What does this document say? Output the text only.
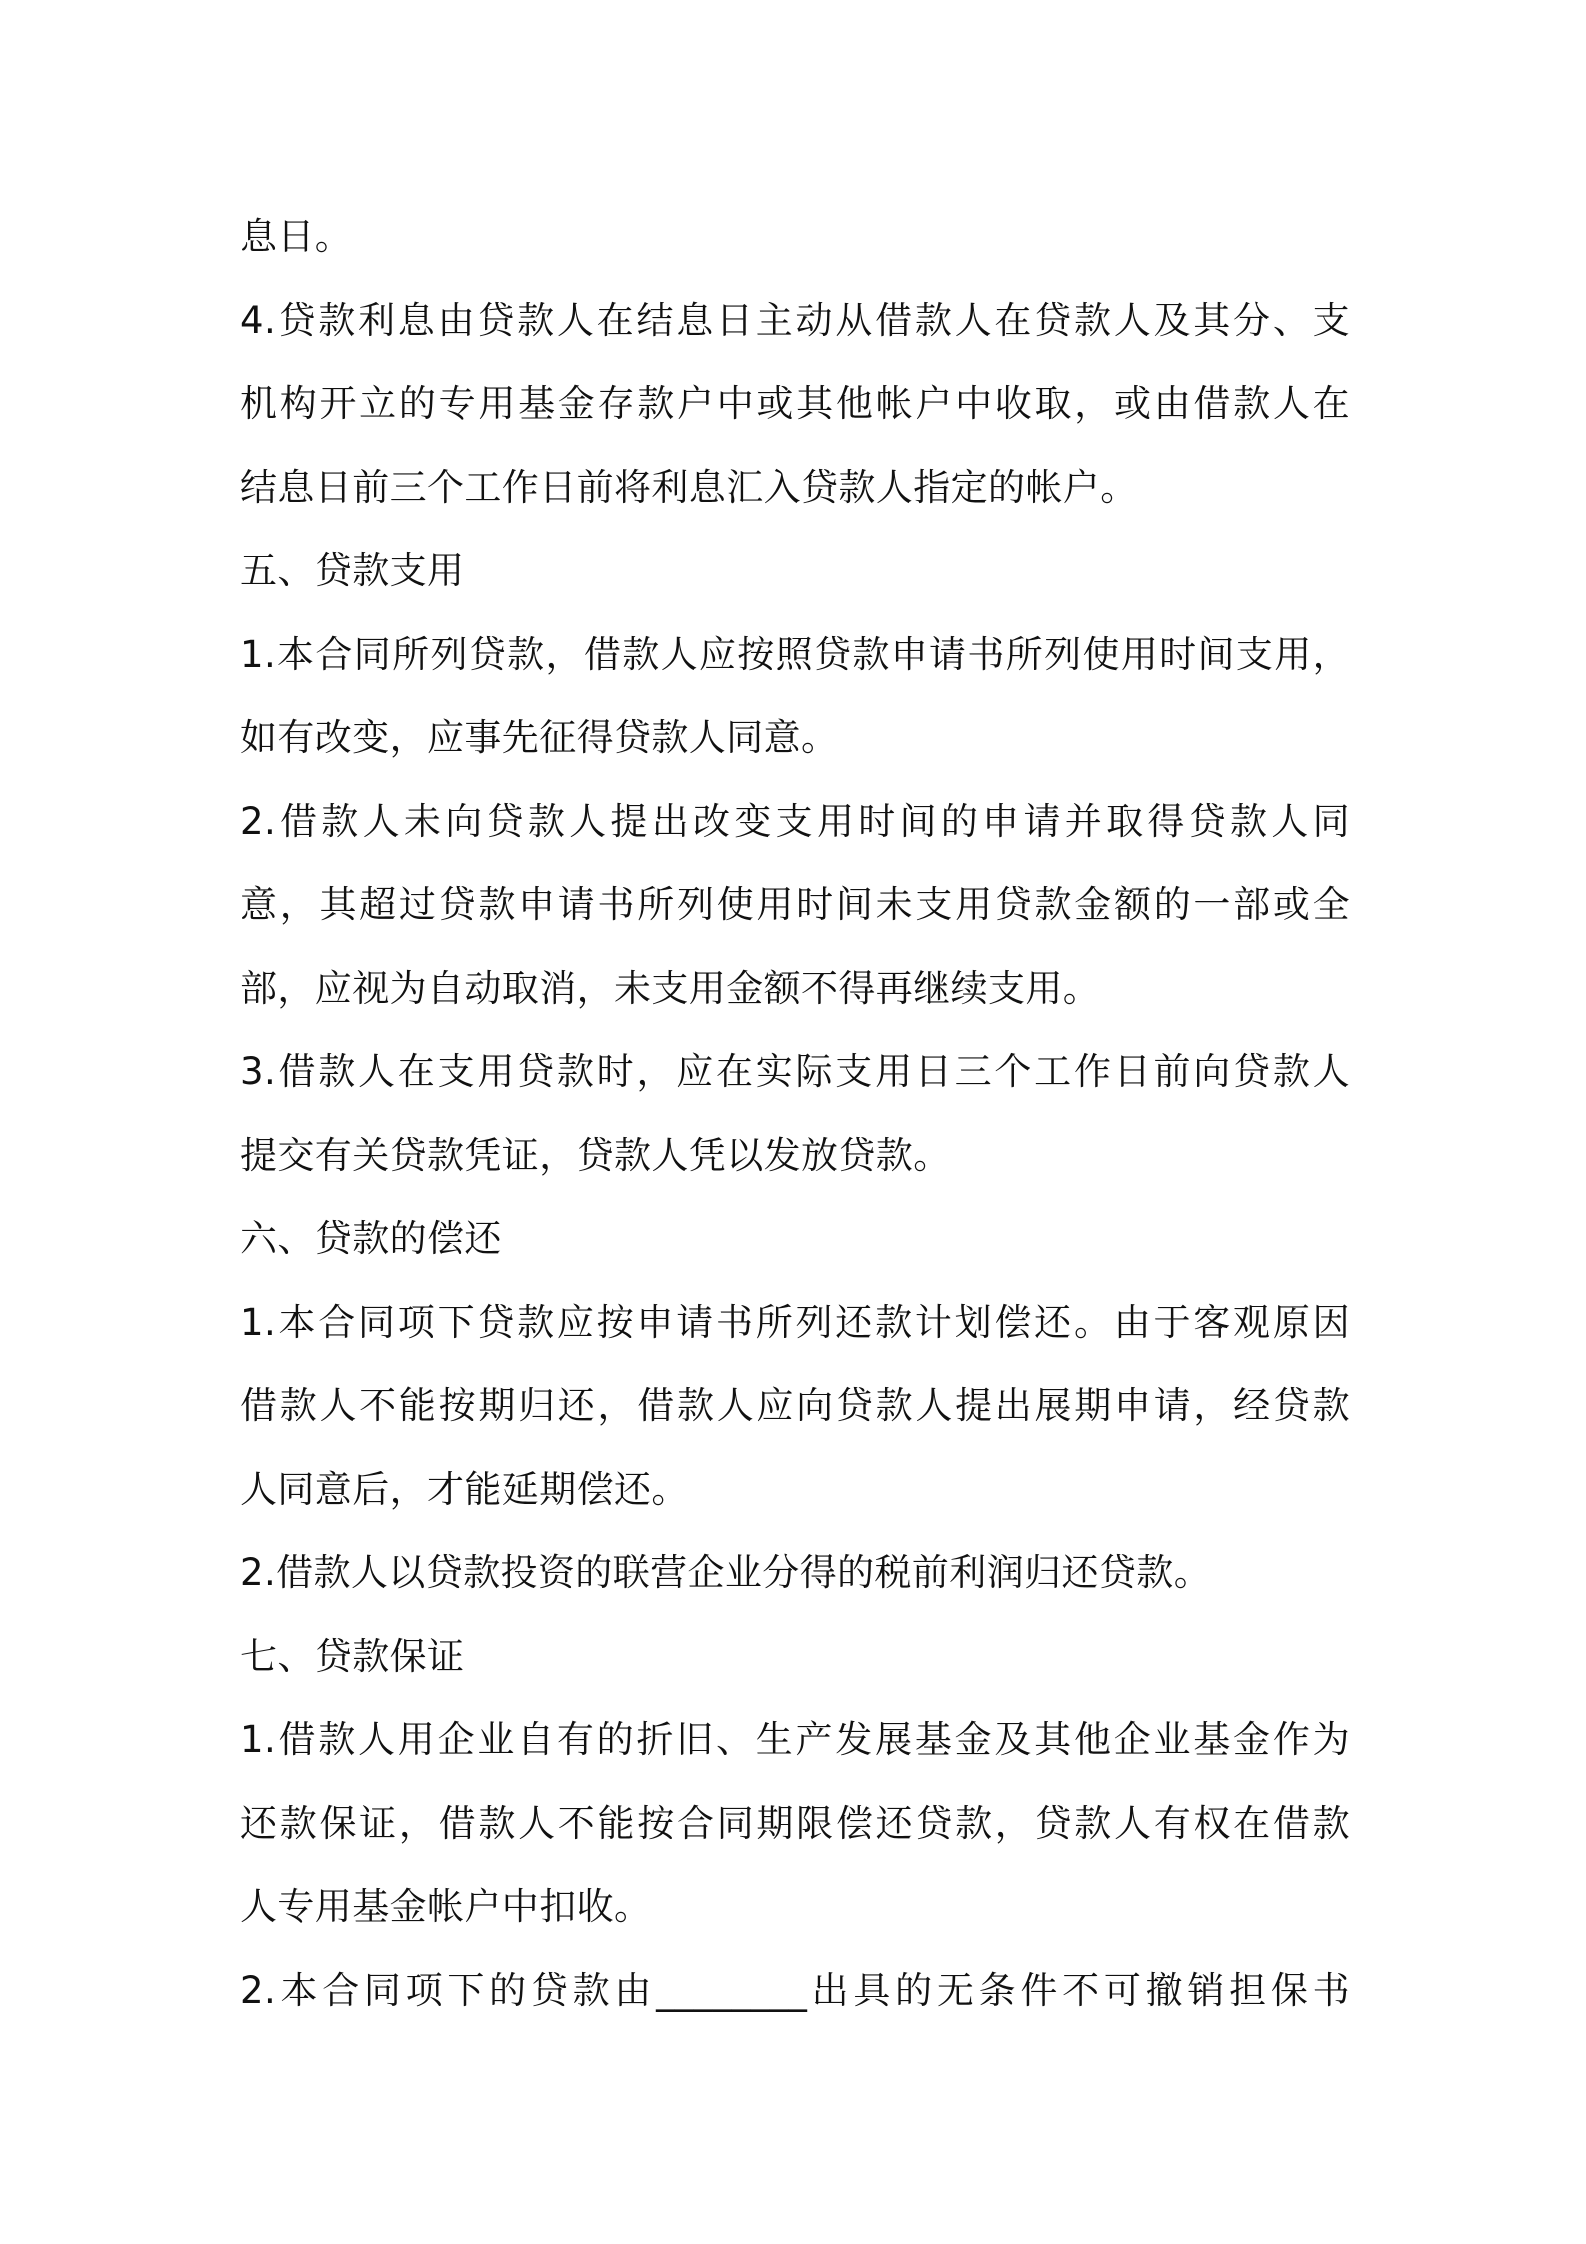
息日。
4.贷款利息由贷款人在结息日主动从借款人在贷款人及其分、支
机构开立的专用基金存款户中或其他帐户中收取，或由借款人在
结息日前三个工作日前将利息汇入贷款人指定的帐户。
五、贷款支用
1.本合同所列贷款，借款人应按照贷款申请书所列使用时间支用，
如有改变，应事先征得贷款人同意。
2.借款人未向贷款人提出改变支用时间的申请并取得贷款人同
意，其超过贷款申请书所列使用时间未支用贷款金额的一部或全
部，应视为自动取消，未支用金额不得再继续支用。
3.借款人在支用贷款时，应在实际支用日三个工作日前向贷款人
提交有关贷款凭证，贷款人凭以发放贷款。
六、贷款的偿还
1.本合同项下贷款应按申请书所列还款计划偿还。由于客观原因
借款人不能按期归还，借款人应向贷款人提出展期申请，经贷款
人同意后，才能延期偿还。
2.借款人以贷款投资的联营企业分得的税前利润归还贷款。
七、贷款保证
1.借款人用企业自有的折旧、生产发展基金及其他企业基金作为
还款保证，借款人不能按合同期限偿还贷款，贷款人有权在借款
人专用基金帐户中扣收。
2.本合同项下的贷款由________出具的无条件不可撤销担保书
